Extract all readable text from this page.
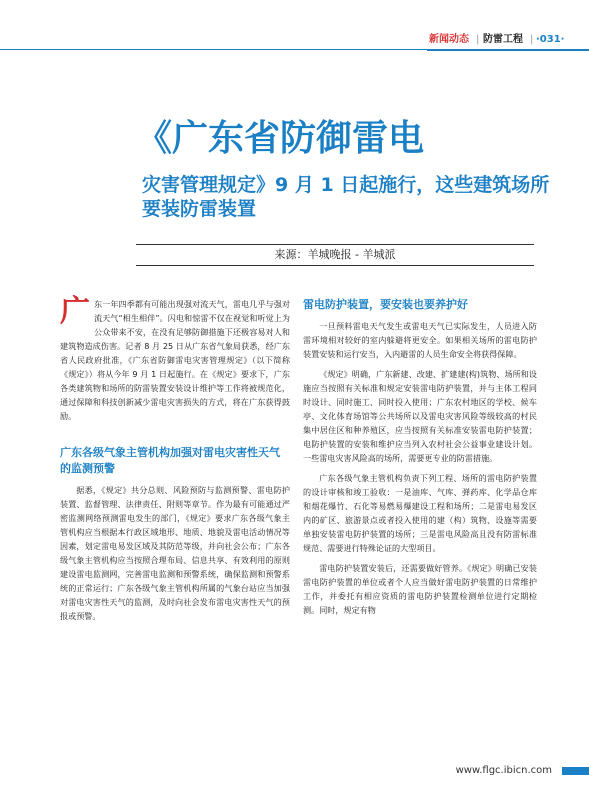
新闻动态 | 防雷工程 | ·031·
《广东省防御雷电
灾害管理规定》9 月 1 日起施行，这些建筑场所要装防雷装置
来源：羊城晚报 - 羊城派

广东一年四季都有可能出现强对流天气，雷电几乎与强对流天气“相生相伴”。闪电和惊雷不仅在视觉和听觉上为公众带来不安，在没有足够防御措施下还极容易对人和建筑物造成伤害。记者 8 月 25 日从广东省气象局获悉，经广东省人民政府批准，《广东省防御雷电灾害管理规定》（以下简称《规定》）将从今年 9 月 1 日起施行。在《规定》要求下，广东各类建筑物和场所的防雷装置安装设计维护等工作将被规范化，通过保障和科技创新减少雷电灾害损失的方式，将在广东获得鼓励。

广东各级气象主管机构加强对雷电灾害性天气的监测预警

据悉，《规定》共分总则、风险预防与监测预警、雷电防护装置、监督管理、法律责任、附则等章节。作为最有可能通过严密监测网络预测雷电发生的部门，《规定》要求广东各级气象主管机构应当根据本行政区域地形、地质、地貌及雷电活动情况等因素，划定雷电易发区域及其防范等级，并向社会公布；广东各级气象主管机构应当按照合理布局、信息共享、有效利用的原则建设雷电监测网，完善雷电监测和预警系统，确保监测和预警系统的正常运行；广东各级气象主管机构所属的气象台站应当加强对雷电灾害性天气的监测，及时向社会发布雷电灾害性天气的预报或预警。

雷电防护装置，要安装也要养护好

一旦预料雷电天气发生或雷电天气已实际发生，人员进入防雷环境相对较好的室内躲避将更安全。如果相关场所的雷电防护装置安装和运行安当，入内避雷的人员生命安全将获得保障。

《规定》明确，广东新建、改建、扩建建(构)筑物、场所和设施应当按照有关标准和规定安装雷电防护装置，并与主体工程同时设计、同时施工、同时投入使用；广东农村地区的学校、候车亭、文化体育场馆等公共场所以及雷电灾害风险等级较高的村民集中居住区和种养殖区，应当按照有关标准安装雷电防护装置；电防护装置的安装和维护应当列入农村社会公益事业建设计划。一些雷电灾害风险高的场所，需要更专业的防雷措施。

广东各级气象主管机构负责下列工程、场所的雷电防护装置的设计审核和竣工验收：一是油库、气库、弹药库、化学品仓库和烟花爆竹、石化等易燃易爆建设工程和场所；二是雷电易发区内的矿区、旅游景点或者投入使用的建（构）筑物、设施等需要单独安装雷电防护装置的场所；三是雷电风险高且没有防雷标准规范、需要进行特殊论证的大型项目。

雷电防护装置安装后，还需要做好管养。《规定》明确已安装雷电防护装置的单位或者个人应当做好雷电防护装置的日常维护工作，并委托有相应资质的雷电防护装置检测单位进行定期检测。同时，规定有物

www.flgc.ibicn.com
